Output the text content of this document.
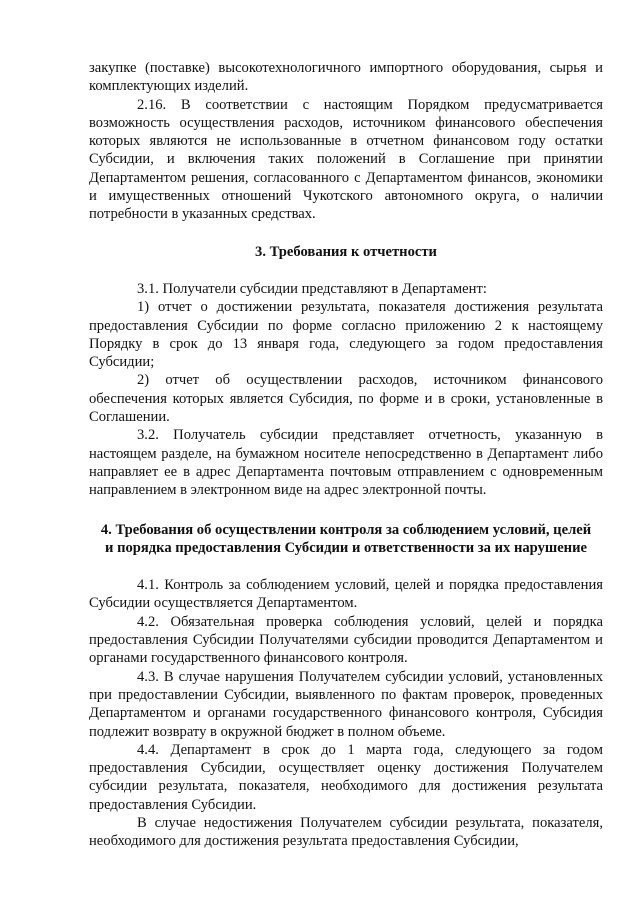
закупке (поставке) высокотехнологичного импортного оборудования, сырья и комплектующих изделий.

2.16. В соответствии с настоящим Порядком предусматривается возможность осуществления расходов, источником финансового обеспечения которых являются не использованные в отчетном финансовом году остатки Субсидии, и включения таких положений в Соглашение при принятии Департаментом решения, согласованного с Департаментом финансов, экономики и имущественных отношений Чукотского автономного округа, о наличии потребности в указанных средствах.

3. Требования к отчетности

3.1. Получатели субсидии представляют в Департамент:

1) отчет о достижении результата, показателя достижения результата предоставления Субсидии по форме согласно приложению 2 к настоящему Порядку в срок до 13 января года, следующего за годом предоставления Субсидии;

2) отчет об осуществлении расходов, источником финансового обеспечения которых является Субсидия, по форме и в сроки, установленные в Соглашении.

3.2. Получатель субсидии представляет отчетность, указанную в настоящем разделе, на бумажном носителе непосредственно в Департамент либо направляет ее в адрес Департамента почтовым отправлением с одновременным направлением в электронном виде на адрес электронной почты.

4. Требования об осуществлении контроля за соблюдением условий, целей
и порядка предоставления Субсидии и ответственности за их нарушение

4.1. Контроль за соблюдением условий, целей и порядка предоставления Субсидии осуществляется Департаментом.

4.2. Обязательная проверка соблюдения условий, целей и порядка предоставления Субсидии Получателями субсидии проводится Департаментом и органами государственного финансового контроля.

4.3. В случае нарушения Получателем субсидии условий, установленных при предоставлении Субсидии, выявленного по фактам проверок, проведенных Департаментом и органами государственного финансового контроля, Субсидия подлежит возврату в окружной бюджет в полном объеме.

4.4. Департамент в срок до 1 марта года, следующего за годом предоставления Субсидии, осуществляет оценку достижения Получателем субсидии результата, показателя, необходимого для достижения результата предоставления Субсидии.

В случае недостижения Получателем субсидии результата, показателя, необходимого для достижения результата предоставления Субсидии,
